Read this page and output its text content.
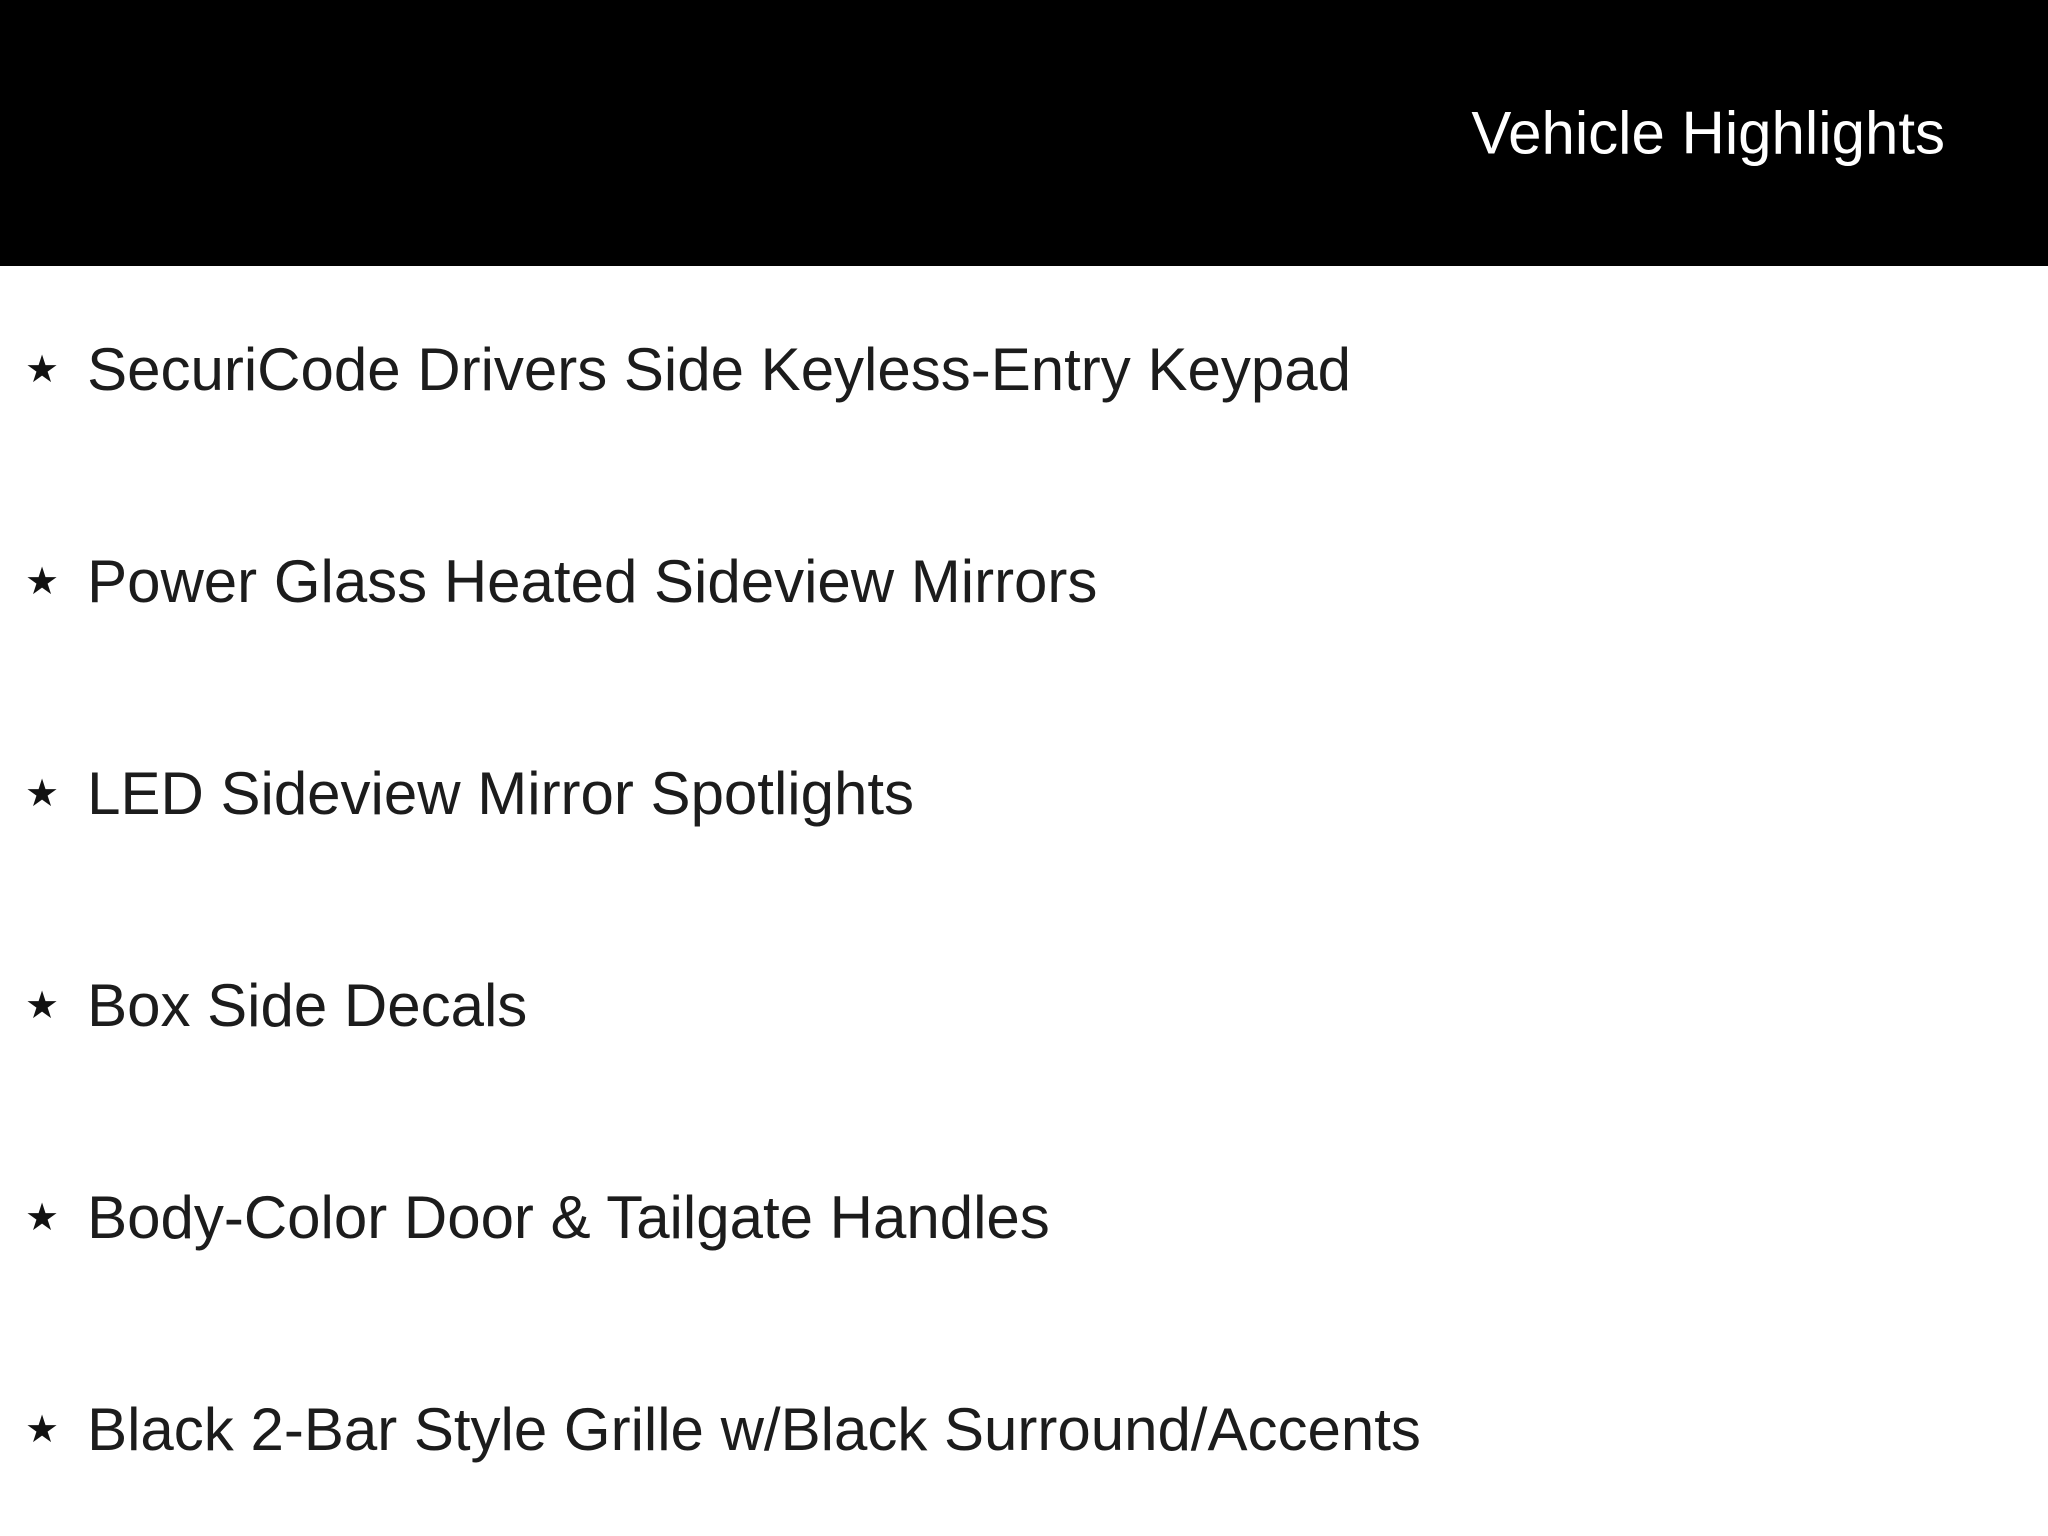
Vehicle Highlights
★ SecuriCode Drivers Side Keyless-Entry Keypad
★ Power Glass Heated Sideview Mirrors
★ LED Sideview Mirror Spotlights
★ Box Side Decals
★ Body-Color Door & Tailgate Handles
★ Black 2-Bar Style Grille w/Black Surround/Accents
